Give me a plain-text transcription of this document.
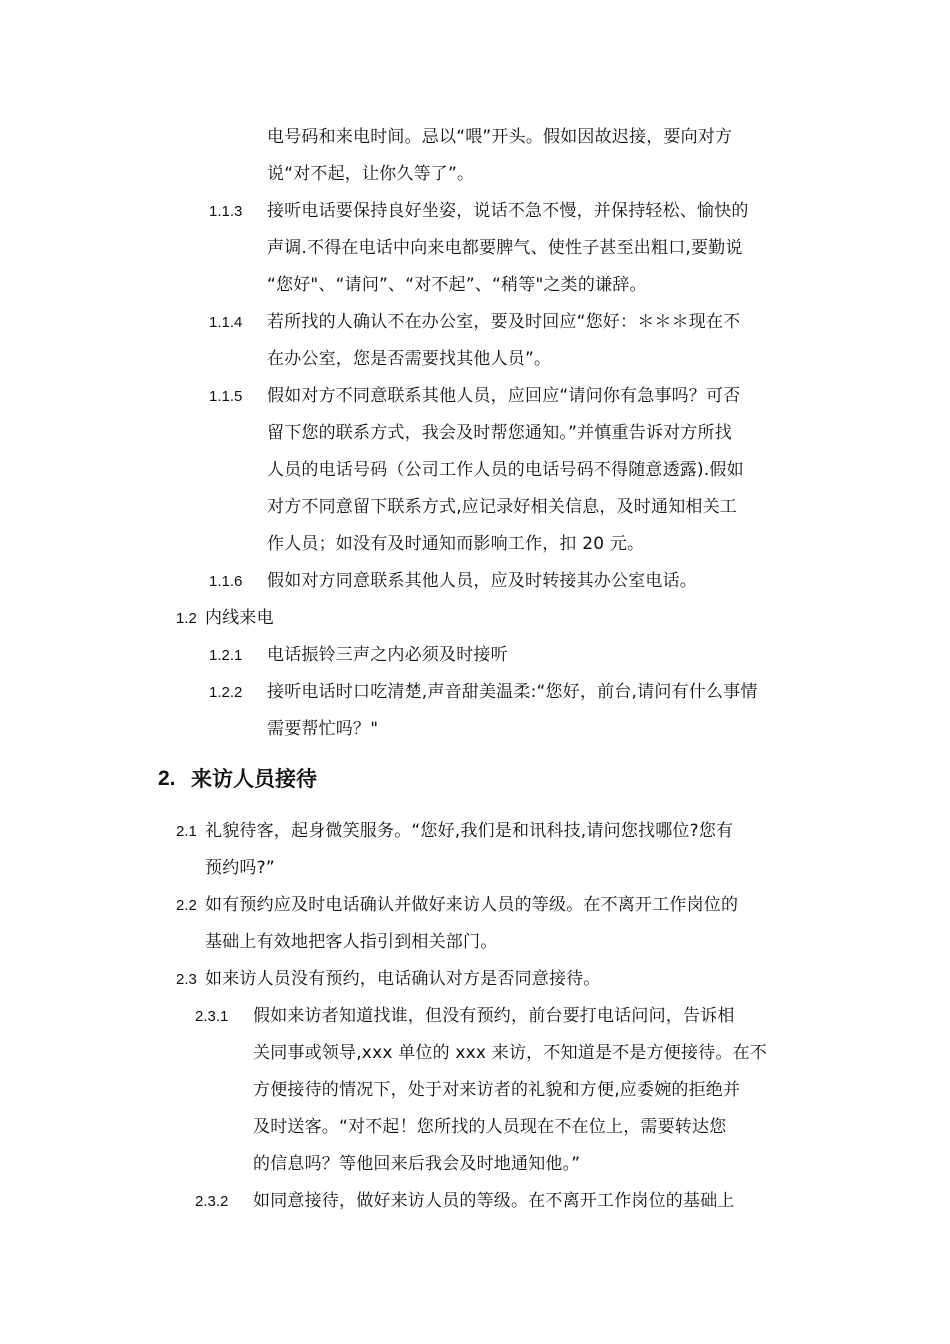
电号码和来电时间。忌以“喂”开头。假如因故迟接，要向对方
说“对不起，让你久等了”。
1.1.3 接听电话要保持良好坐姿，说话不急不慢，并保持轻松、愉快的
声调.不得在电话中向来电都要脾气、使性子甚至出粗口,要勤说
“您好"、“请问”、“对不起”、“稍等"之类的谦辞。
1.1.4 若所找的人确认不在办公室，要及时回应“您好：＊＊＊现在不
在办公室，您是否需要找其他人员”。
1.1.5 假如对方不同意联系其他人员，应回应“请问你有急事吗？可否
留下您的联系方式，我会及时帮您通知。”并慎重告诉对方所找
人员的电话号码（公司工作人员的电话号码不得随意透露).假如
对方不同意留下联系方式,应记录好相关信息，及时通知相关工
作人员；如没有及时通知而影响工作，扣 20 元。
1.1.6 假如对方同意联系其他人员，应及时转接其办公室电话。
1.2 内线来电
1.2.1 电话振铃三声之内必须及时接听
1.2.2 接听电话时口吃清楚,声音甜美温柔:“您好，前台,请问有什么事情
需要帮忙吗？"
2. 来访人员接待
2.1 礼貌待客，起身微笑服务。“您好,我们是和讯科技,请问您找哪位?您有
预约吗?”
2.2 如有预约应及时电话确认并做好来访人员的等级。在不离开工作岗位的
基础上有效地把客人指引到相关部门。
2.3 如来访人员没有预约，电话确认对方是否同意接待。
2.3.1 假如来访者知道找谁，但没有预约，前台要打电话问问，告诉相
关同事或领导,xxx 单位的 xxx 来访，不知道是不是方便接待。在不
方便接待的情况下，处于对来访者的礼貌和方便,应委婉的拒绝并
及时送客。“对不起！您所找的人员现在不在位上，需要转达您
的信息吗？等他回来后我会及时地通知他。”
2.3.2 如同意接待，做好来访人员的等级。在不离开工作岗位的基础上
